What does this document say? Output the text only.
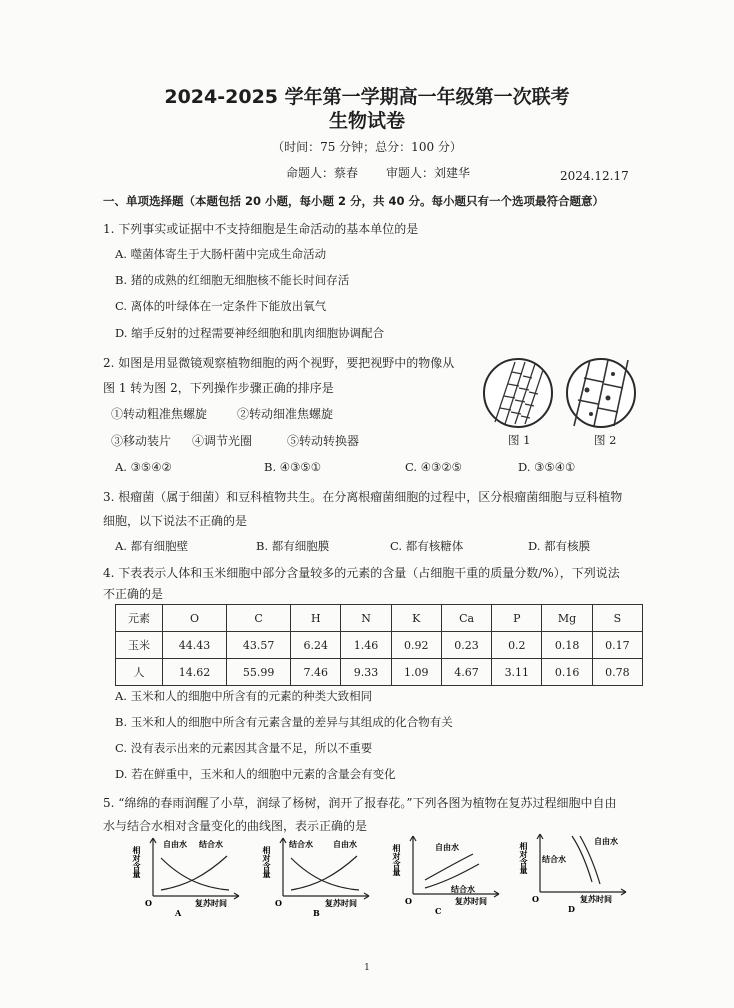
2024-2025 学年第一学期高一年级第一次联考
生物试卷
（时间：75 分钟；总分：100 分）
命题人：蔡春 审题人：刘建华	2024.12.17
一、单项选择题（本题包括 20 小题，每小题 2 分，共 40 分。每小题只有一个选项最符合题意）
1. 下列事实或证据中不支持细胞是生命活动的基本单位的是
A. 噬菌体寄生于大肠杆菌中完成生命活动
B. 猪的成熟的红细胞无细胞核不能长时间存活
C. 离体的叶绿体在一定条件下能放出氧气
D. 缩手反射的过程需要神经细胞和肌肉细胞协调配合
2. 如图是用显微镜观察植物细胞的两个视野，要把视野中的物像从
图 1 转为图 2，下列操作步骤正确的排序是
①转动粗准焦螺旋 ②转动细准焦螺旋
③移动装片 ④调节光圈	⑤转动转换器	图 1	图 2
A. ③⑤④②	B. ④③⑤①	C. ④③②⑤	D. ③⑤④①
3. 根瘤菌（属于细菌）和豆科植物共生。在分离根瘤菌细胞的过程中，区分根瘤菌细胞与豆科植物
细胞，以下说法不正确的是
A. 都有细胞壁	B. 都有细胞膜	C. 都有核糖体	D. 都有核膜
4. 下表表示人体和玉米细胞中部分含量较多的元素的含量（占细胞干重的质量分数/%），下列说法
不正确的是
元素	O	C	H	N	K	Ca	P	Mg	S
玉米	44.43	43.57	6.24	1.46	0.92	0.23	0.2	0.18	0.17
人	14.62	55.99	7.46	9.33	1.09	4.67	3.11	0.16	0.78
A. 玉米和人的细胞中所含有的元素的种类大致相同
B. 玉米和人的细胞中所含有元素含量的差异与其组成的化合物有关
C. 没有表示出来的元素因其含量不足，所以不重要
D. 若在鲜重中，玉米和人的细胞中元素的含量会有变化
5. “绵绵的春雨润醒了小草，润绿了杨树，润开了报春花。”下列各图为植物在复苏过程细胞中自由
水与结合水相对含量变化的曲线图，表示正确的是
相对含量
自由水 结合水
O	复苏时间
A
相对含量
结合水	自由水
O	复苏时间
B
相对含量	自由水
结合水
O	复苏时间
C
相对含量
自由水
结合水
O	复苏时间
D
1
